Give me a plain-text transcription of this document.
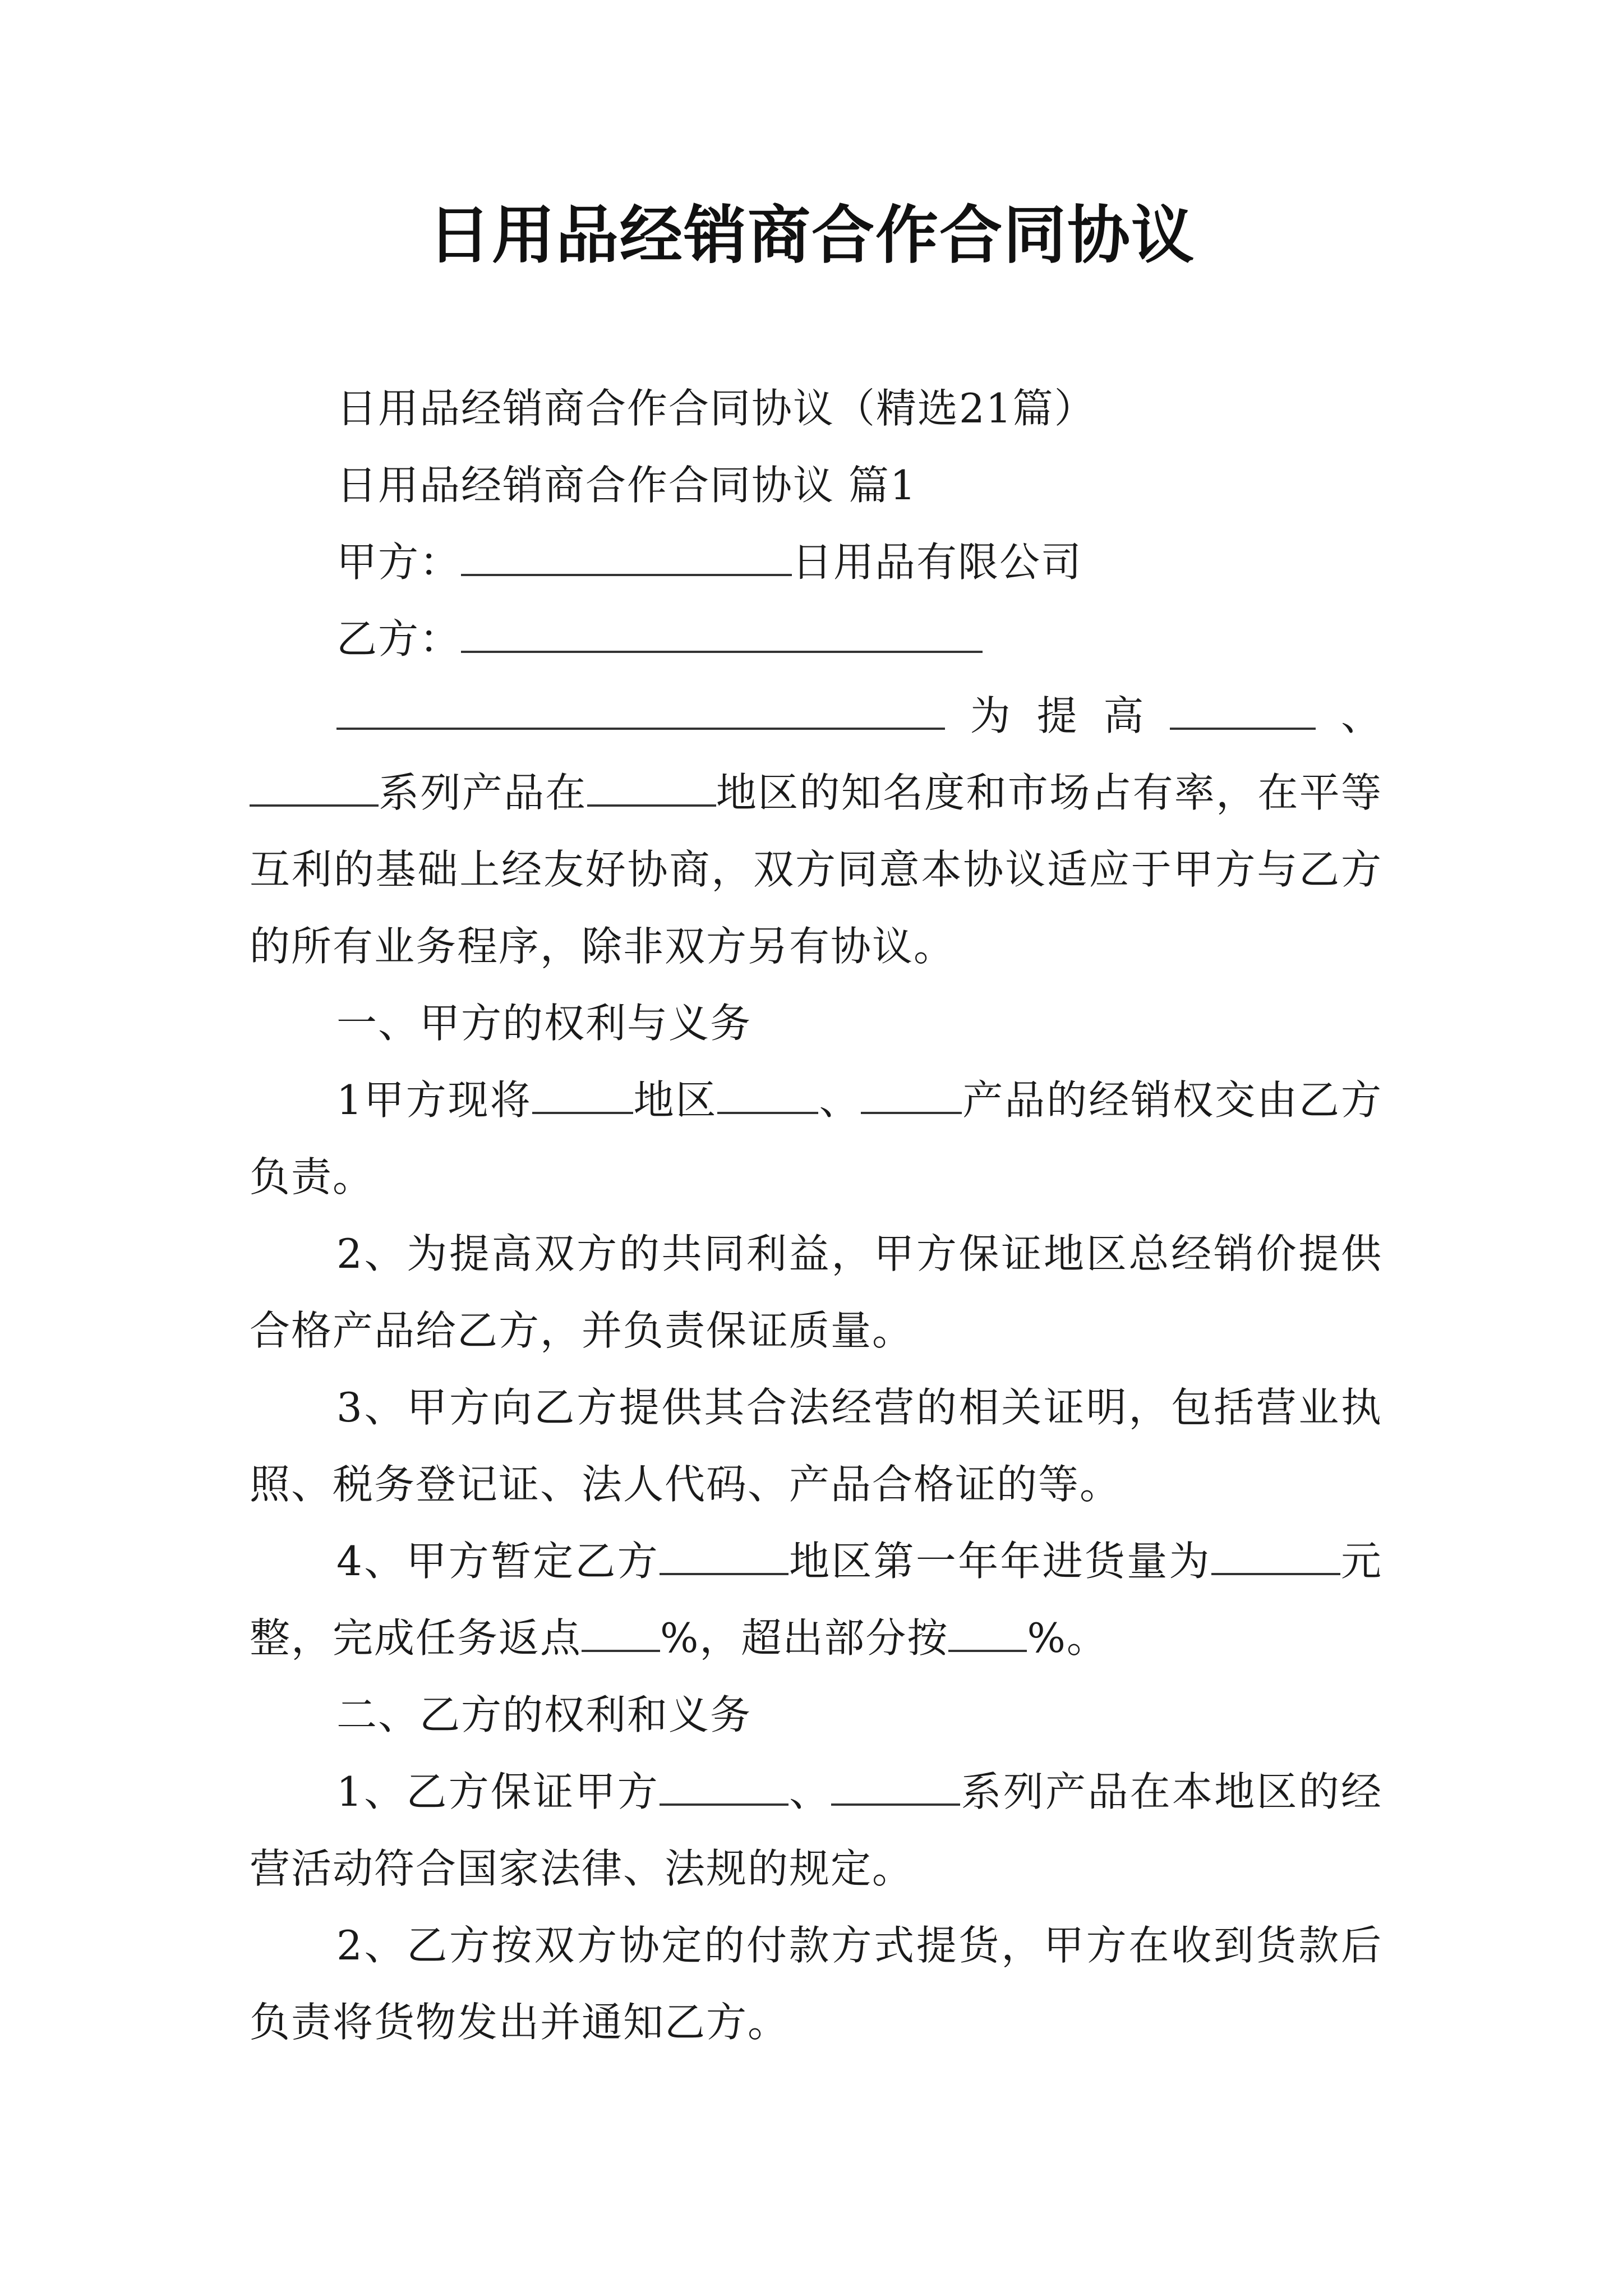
日用品经销商合作合同协议

日用品经销商合作合同协议（精选21篇）

日用品经销商合作合同协议 篇1

甲方：	日用品有限公司

乙方：

为提高	、系列产品在	地区的知名度和市场占有率，在平等互利的基础上经友好协商，双方同意本协议适应于甲方与乙方的所有业务程序，除非双方另有协议。

一、甲方的权利与义务

1甲方现将	地区	、	产品的经销权交由乙方负责。

2、为提高双方的共同利益，甲方保证地区总经销价提供合格产品给乙方，并负责保证质量。

3、甲方向乙方提供其合法经营的相关证明，包括营业执照、税务登记证、法人代码、产品合格证的等。

4、甲方暂定乙方	地区第一年年进货量为	元整，完成任务返点 %，超出部分按 %。

二、乙方的权利和义务

1、乙方保证甲方	、	系列产品在本地区的经营活动符合国家法律、法规的规定。

2、乙方按双方协定的付款方式提货，甲方在收到货款后负责将货物发出并通知乙方。
